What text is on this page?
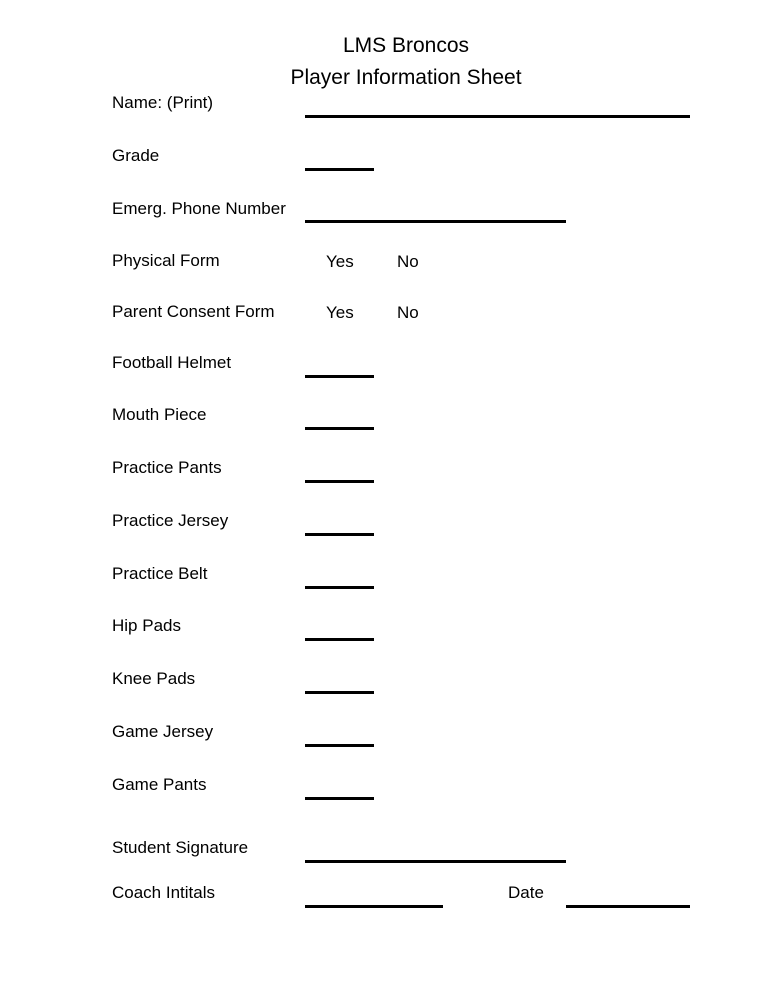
LMS Broncos
Player Information Sheet
Name: (Print)
Grade
Emerg. Phone Number
Physical Form	Yes	No
Parent Consent Form	Yes	No
Football Helmet
Mouth Piece
Practice Pants
Practice Jersey
Practice Belt
Hip Pads
Knee Pads
Game Jersey
Game Pants
Student Signature
Coach Intitals	Date
